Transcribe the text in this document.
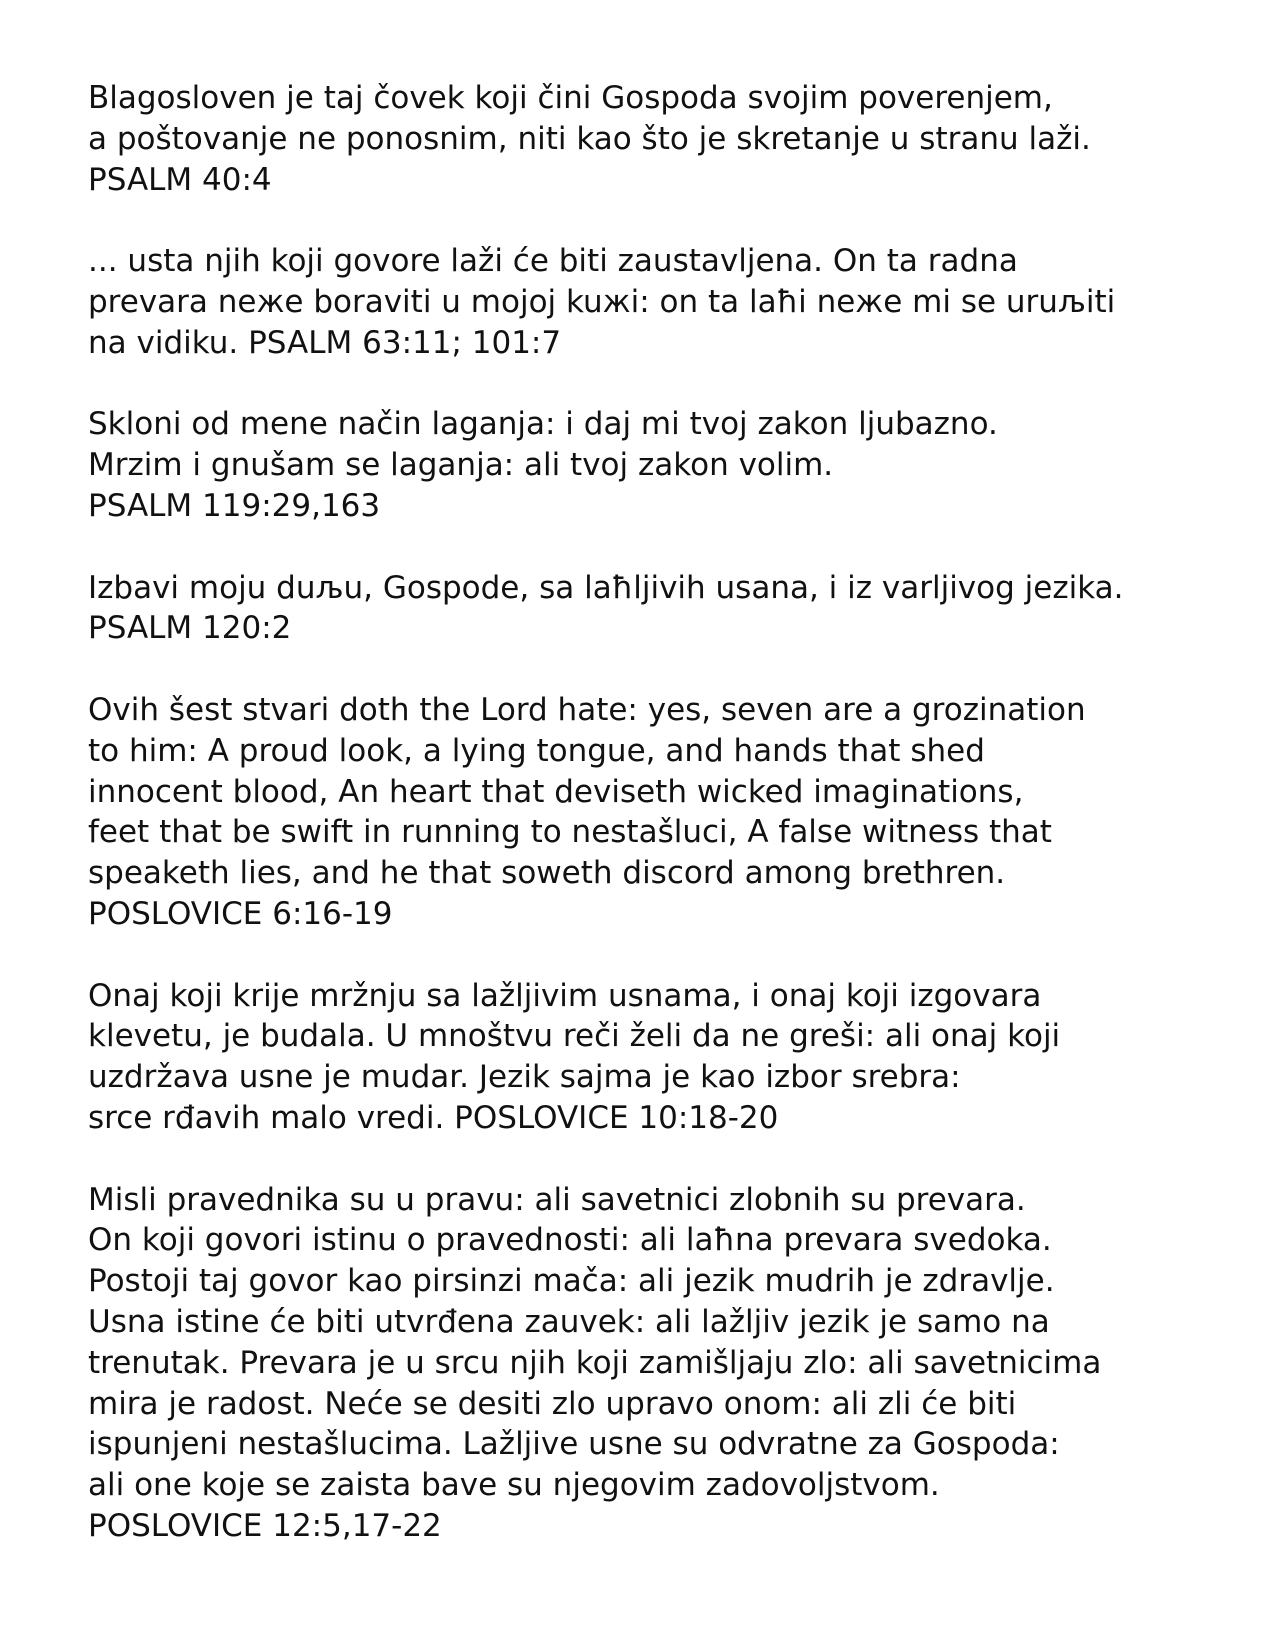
Blagosloven je taj čovek koji čini Gospoda svojim poverenjem,
a poštovanje ne ponosnim, niti kao što je skretanje u stranu laži.
PSALM 40:4
... usta njih koji govore laži će biti zaustavljena. On ta radna
prevara neже boraviti u mojoj kuжi: on ta laħi neже mi se uruљiti
na vidiku. PSALM 63:11; 101:7
Skloni od mene način laganja: i daj mi tvoj zakon ljubazno.
Mrzim i gnušam se laganja: ali tvoj zakon volim.
PSALM 119:29,163
Izbavi moju duљu, Gospode, sa laħljivih usana, i iz varljivog jezika.
PSALM 120:2
Ovih šest stvari doth the Lord hate: yes, seven are a grozination
to him: A proud look, a lying tongue, and hands that shed
innocent blood, An heart that deviseth wicked imaginations,
feet that be swift in running to nestašluci, A false witness that
speaketh lies, and he that soweth discord among brethren.
POSLOVICE 6:16-19
Onaj koji krije mržnju sa lažljivim usnama, i onaj koji izgovara
klevetu, je budala. U mnoštvu reči želi da ne greši: ali onaj koji
uzdržava usne je mudar. Jezik sajma je kao izbor srebra:
srce rđavih malo vredi. POSLOVICE 10:18-20
Misli pravednika su u pravu: ali savetnici zlobnih su prevara.
On koji govori istinu o pravednosti: ali laħna prevara svedoka.
Postoji taj govor kao pirsinzi mača: ali jezik mudrih je zdravlje.
Usna istine će biti utvrđena zauvek: ali lažljiv jezik je samo na
trenutak. Prevara je u srcu njih koji zamišljaju zlo: ali savetnicima
mira je radost. Neće se desiti zlo upravo onom: ali zli će biti
ispunjeni nestašlucima. Lažljive usne su odvratne za Gospoda:
ali one koje se zaista bave su njegovim zadovoljstvom.
POSLOVICE 12:5,17-22
